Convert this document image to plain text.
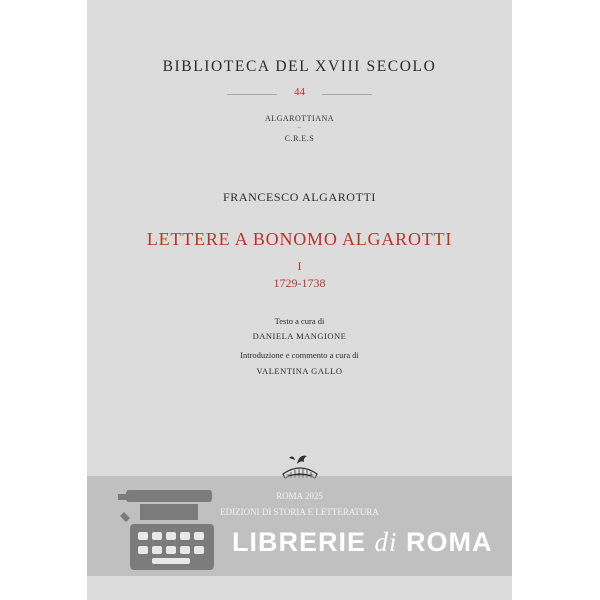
BIBLIOTECA DEL XVIII SECOLO
44
ALGAROTTIANA
–
C.R.E.S
FRANCESCO ALGAROTTI
LETTERE A BONOMO ALGAROTTI
I
1729-1738
Testo a cura di
DANIELA MANGIONE
Introduzione e commento a cura di
VALENTINA GALLO
ROMA 2025
EDIZIONI DI STORIA E LETTERATURA
LIBRERIE di ROMA
